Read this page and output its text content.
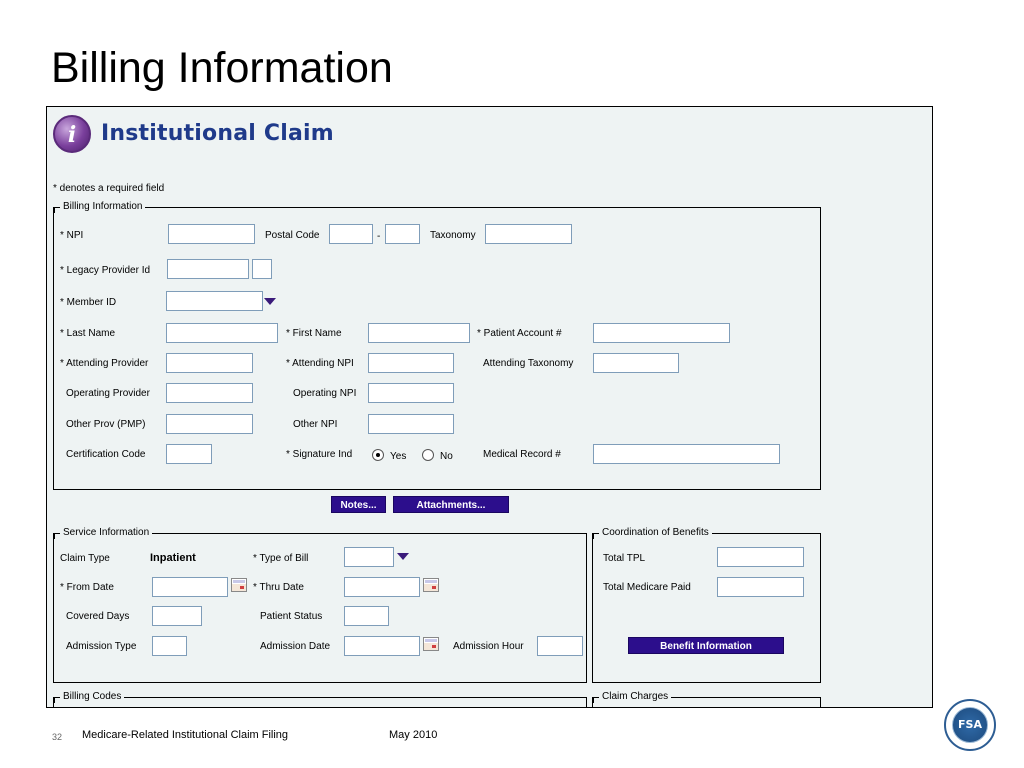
Billing Information
i	Institutional Claim
* denotes a required field
Billing Information
* NPI	Postal Code	-	Taxonomy
* Legacy Provider Id
* Member ID
* Last Name	* First Name	* Patient Account #
* Attending Provider	* Attending NPI	Attending Taxonomy
Operating Provider	Operating NPI
Other Prov (PMP)	Other NPI
Certification Code	* Signature Ind	Yes	No	Medical Record #
Notes...	Attachments...
Service Information
Claim Type	Inpatient	* Type of Bill
* From Date	* Thru Date
Covered Days	Patient Status
Admission Type	Admission Date	Admission Hour
Coordination of Benefits
Total TPL
Total Medicare Paid
Benefit Information
Billing Codes	Claim Charges
32 Medicare-Related Institutional Claim Filing	May 2010
FSA
